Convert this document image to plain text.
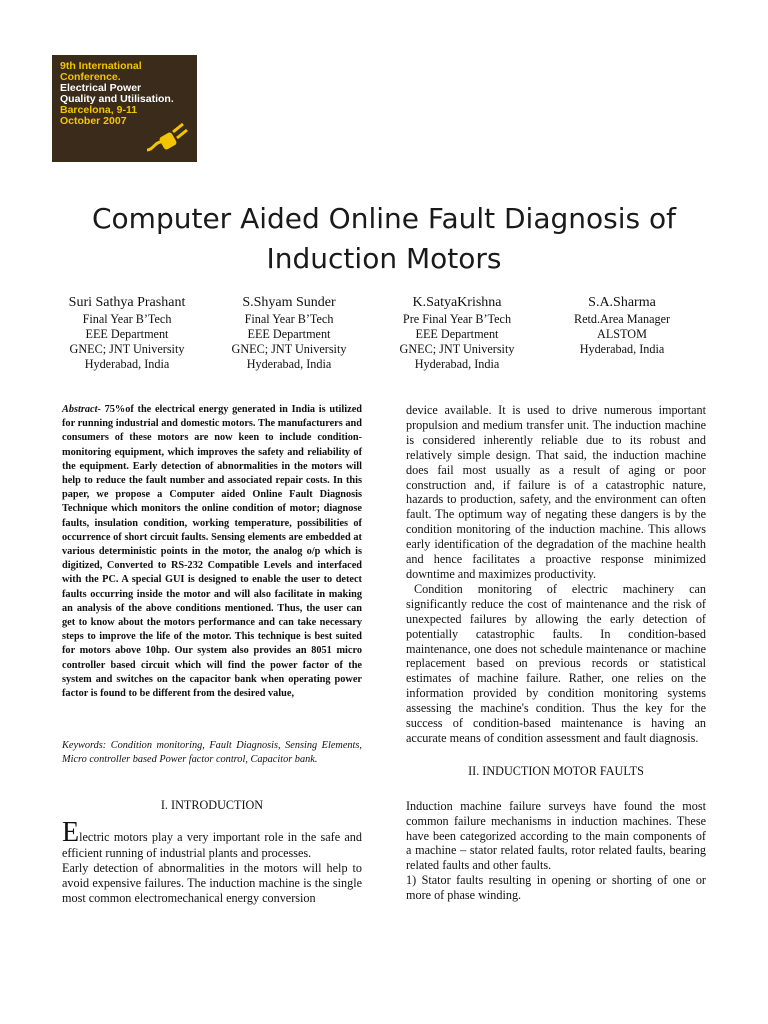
9th International
Conference.
Electrical Power
Quality and Utilisation.
Barcelona, 9-11
October 2007
Computer Aided Online Fault Diagnosis of
Induction Motors
Suri Sathya Prashant
Final Year B’Tech
EEE Department
GNEC; JNT University
Hyderabad, India
S.Shyam Sunder
Final Year B’Tech
EEE Department
GNEC; JNT University
Hyderabad, India
K.SatyaKrishna
Pre Final Year B’Tech
EEE Department
GNEC; JNT University
Hyderabad, India
S.A.Sharma
Retd.Area Manager
ALSTOM
Hyderabad, India
Abstract- 75%of the electrical energy generated in India is utilized for running industrial and domestic motors. The manufacturers and consumers of these motors are now keen to include condition-monitoring equipment, which improves the safety and reliability of the equipment. Early detection of abnormalities in the motors will help to reduce the fault number and associated repair costs. In this paper, we propose a Computer aided Online Fault Diagnosis Technique which monitors the online condition of motor; diagnose faults, insulation condition, working temperature, possibilities of occurrence of short circuit faults. Sensing elements are embedded at various deterministic points in the motor, the analog o/p which is digitized, Converted to RS-232 Compatible Levels and interfaced with the PC. A special GUI is designed to enable the user to detect faults occurring inside the motor and will also facilitate in making an analysis of the above conditions mentioned. Thus, the user can get to know about the motors performance and can take necessary steps to improve the life of the motor. This technique is best suited for motors above 10hp. Our system also provides an 8051 micro controller based circuit which will find the power factor of the system and switches on the capacitor bank when operating power factor is found to be different from the desired value,
Keywords: Condition monitoring, Fault Diagnosis, Sensing Elements, Micro controller based Power factor control, Capacitor bank.
I. INTRODUCTION
Electric motors play a very important role in the safe and efficient running of industrial plants and processes.
Early detection of abnormalities in the motors will help to avoid expensive failures. The induction machine is the single most common electromechanical energy conversion

device available. It is used to drive numerous important propulsion and medium transfer unit. The induction machine is considered inherently reliable due to its robust and relatively simple design. That said, the induction machine does fail most usually as a result of aging or poor construction and, if failure is of a catastrophic nature, hazards to production, safety, and the environment can often fault. The optimum way of negating these dangers is by the condition monitoring of the induction machine. This allows early identification of the degradation of the machine health and hence facilitates a proactive response minimized downtime and maximizes productivity.

Condition monitoring of electric machinery can significantly reduce the cost of maintenance and the risk of unexpected failures by allowing the early detection of potentially catastrophic faults. In condition-based maintenance, one does not schedule maintenance or machine replacement based on previous records or statistical estimates of machine failure. Rather, one relies on the information provided by condition monitoring systems assessing the machine's condition. Thus the key for the success of condition-based maintenance is having an accurate means of condition assessment and fault diagnosis.

II. INDUCTION MOTOR FAULTS

Induction machine failure surveys have found the most common failure mechanisms in induction machines. These have been categorized according to the main components of a machine – stator related faults, rotor related faults, bearing related faults and other faults.

1) Stator faults resulting in opening or shorting of one or more of phase winding.
